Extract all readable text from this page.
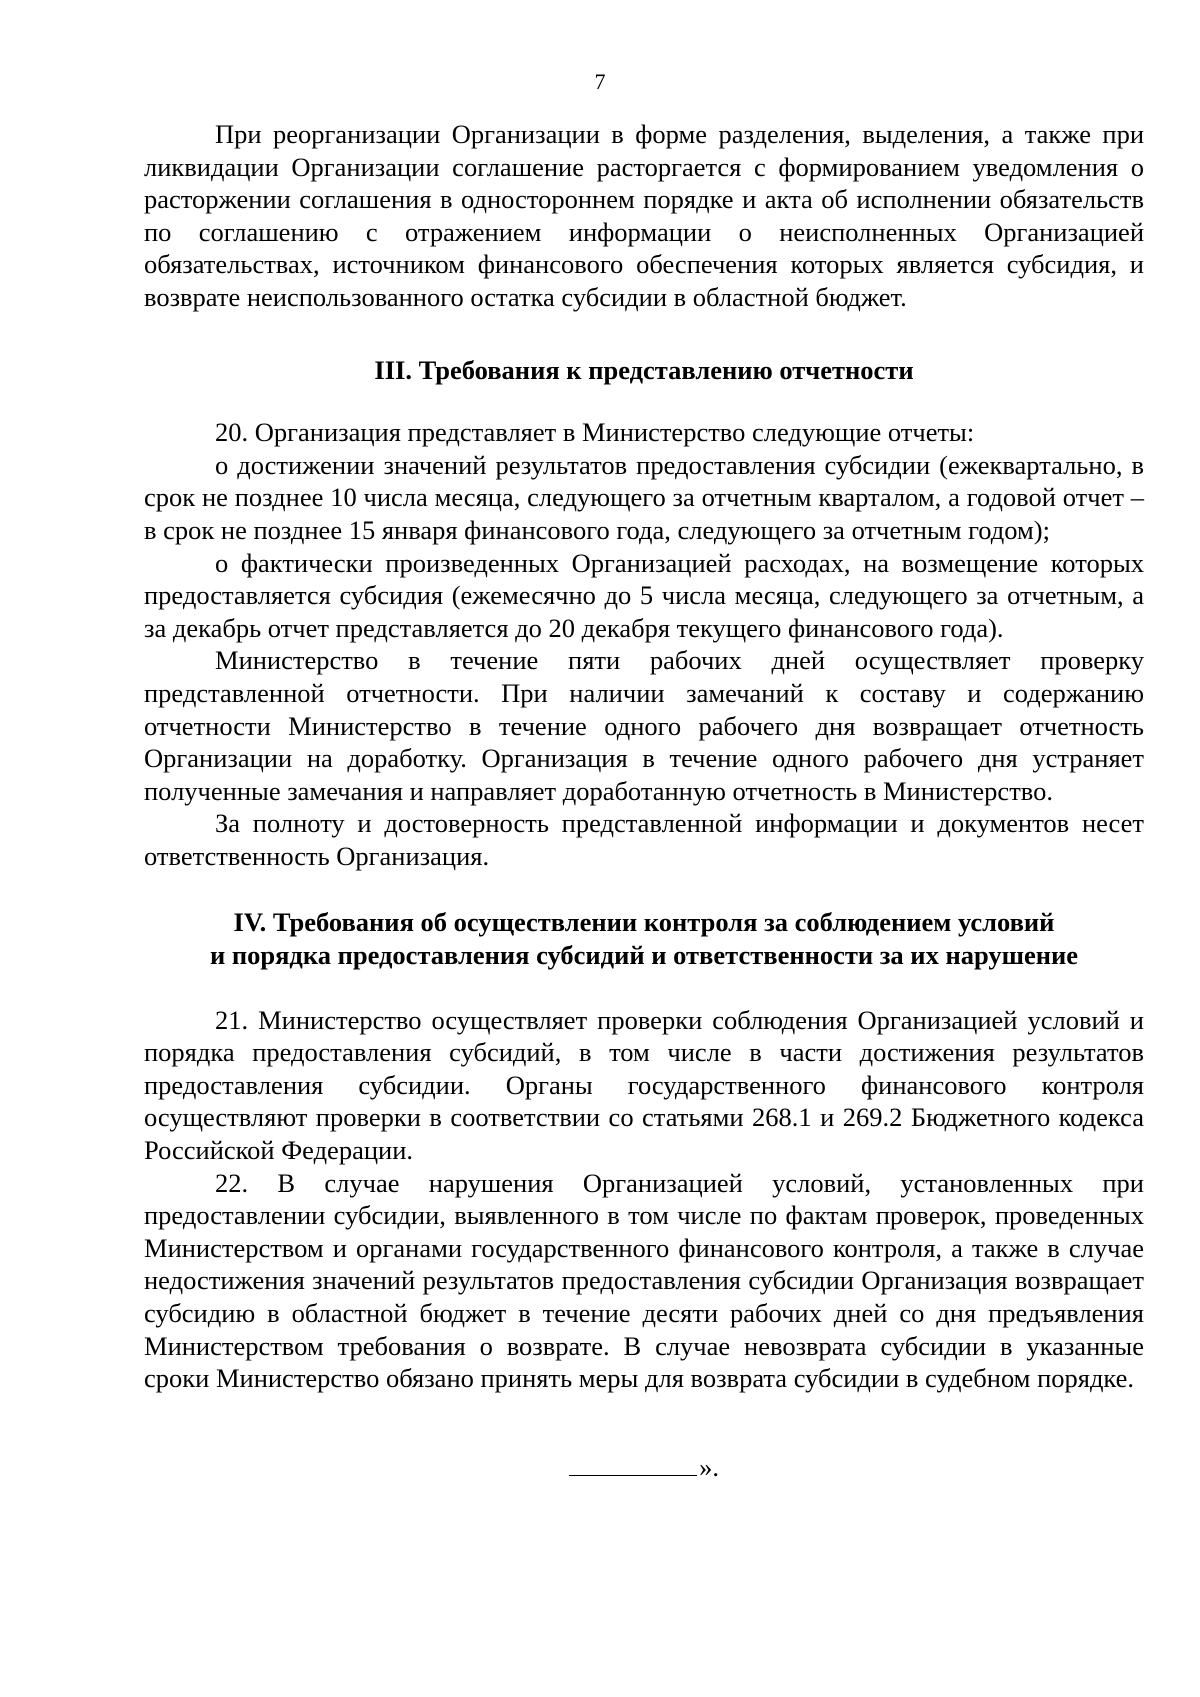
7

При реорганизации Организации в форме разделения, выделения, а также при ликвидации Организации соглашение расторгается с формированием уведомления о расторжении соглашения в одностороннем порядке и акта об исполнении обязательств по соглашению с отражением информации о неисполненных Организацией обязательствах, источником финансового обеспечения которых является субсидия, и возврате неиспользованного остатка субсидии в областной бюджет.

III. Требования к представлению отчетности

20. Организация представляет в Министерство следующие отчеты:

о достижении значений результатов предоставления субсидии (ежеквартально, в срок не позднее 10 числа месяца, следующего за отчетным кварталом, а годовой отчет – в срок не позднее 15 января финансового года, следующего за отчетным годом);

о фактически произведенных Организацией расходах, на возмещение которых предоставляется субсидия (ежемесячно до 5 числа месяца, следующего за отчетным, а за декабрь отчет представляется до 20 декабря текущего финансового года).

Министерство в течение пяти рабочих дней осуществляет проверку представленной отчетности. При наличии замечаний к составу и содержанию отчетности Министерство в течение одного рабочего дня возвращает отчетность Организации на доработку. Организация в течение одного рабочего дня устраняет полученные замечания и направляет доработанную отчетность в Министерство.

За полноту и достоверность представленной информации и документов несет ответственность Организация.

IV. Требования об осуществлении контроля за соблюдением условий
и порядка предоставления субсидий и ответственности за их нарушение

21. Министерство осуществляет проверки соблюдения Организацией условий и порядка предоставления субсидий, в том числе в части достижения результатов предоставления субсидии. Органы государственного финансового контроля осуществляют проверки в соответствии со статьями 268.1 и 269.2 Бюджетного кодекса Российской Федерации.

22. В случае нарушения Организацией условий, установленных при предоставлении субсидии, выявленного в том числе по фактам проверок, проведенных Министерством и органами государственного финансового контроля, а также в случае недостижения значений результатов предоставления субсидии Организация возвращает субсидию в областной бюджет в течение десяти рабочих дней со дня предъявления Министерством требования о возврате. В случае невозврата субсидии в указанные сроки Министерство обязано принять меры для возврата субсидии в судебном порядке.

».
